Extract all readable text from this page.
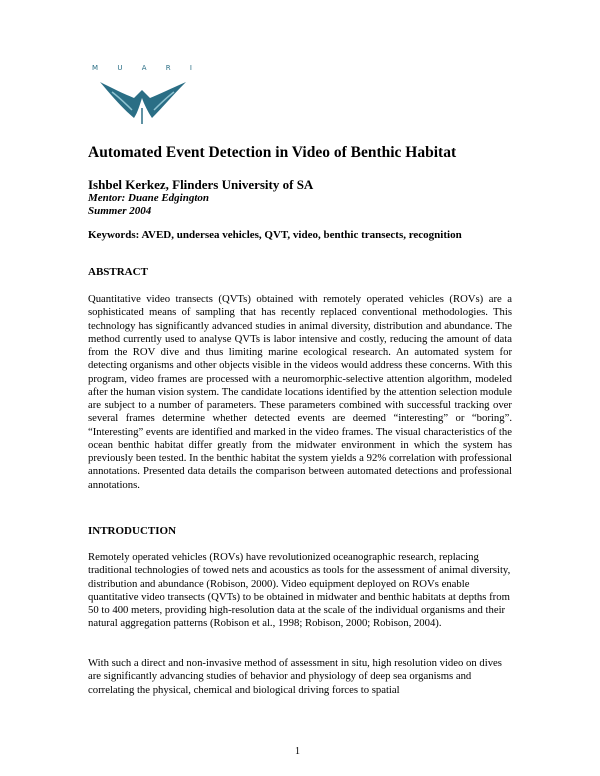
M	U	A	R	I
Automated Event Detection in Video of Benthic Habitat
Ishbel Kerkez, Flinders University of SA
Mentor: Duane Edgington
Summer 2004
Keywords: AVED, undersea vehicles, QVT, video, benthic transects, recognition
ABSTRACT

Quantitative video transects (QVTs) obtained with remotely operated vehicles (ROVs) are a sophisticated means of sampling that has recently replaced conventional methodologies. This technology has significantly advanced studies in animal diversity, distribution and abundance. The method currently used to analyse QVTs is labor intensive and costly, reducing the amount of data from the ROV dive and thus limiting marine ecological research. An automated system for detecting organisms and other objects visible in the videos would address these concerns. With this program, video frames are processed with a neuromorphic-selective attention algorithm, modeled after the human vision system. The candidate locations identified by the attention selection module are subject to a number of parameters. These parameters combined with successful tracking over several frames determine whether detected events are deemed “interesting” or “boring”. “Interesting” events are identified and marked in the video frames. The visual characteristics of the ocean benthic habitat differ greatly from the midwater environment in which the system has previously been tested. In the benthic habitat the system yields a 92% correlation with professional annotations. Presented data details the comparison between automated detections and professional annotations.

INTRODUCTION

Remotely operated vehicles (ROVs) have revolutionized oceanographic research, replacing traditional technologies of towed nets and acoustics as tools for the assessment of animal diversity, distribution and abundance (Robison, 2000). Video equipment deployed on ROVs enable quantitative video transects (QVTs) to be obtained in midwater and benthic habitats at depths from 50 to 400 meters, providing high-resolution data at the scale of the individual organisms and their natural aggregation patterns (Robison et al., 1998; Robison, 2000; Robison, 2004).

With such a direct and non-invasive method of assessment in situ, high resolution video on dives are significantly advancing studies of behavior and physiology of deep sea organisms and correlating the physical, chemical and biological driving forces to spatial

1
